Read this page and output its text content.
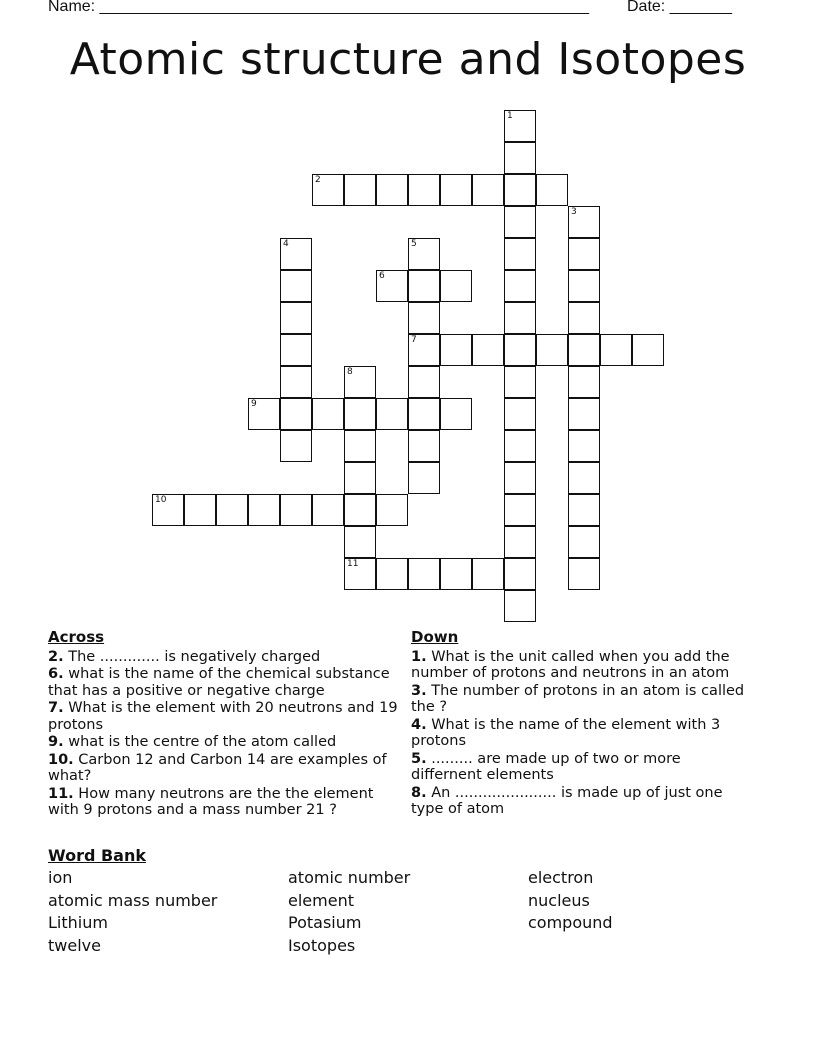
Name: _______________________________________________________ Date: _______
Atomic structure and Isotopes
1
2
3
4	5
7
6
8
11
9
10
Across
2. The ............. is negatively charged
6. what is the name of the chemical substance that has a positive or negative charge
7. What is the element with 20 neutrons and 19 protons
9. what is the centre of the atom called
10. Carbon 12 and Carbon 14 are examples of what?
11. How many neutrons are the the element with 9 protons and a mass number 21 ?
Down
1. What is the unit called when you add the number of protons and neutrons in an atom
3. The number of protons in an atom is called the ?
4. What is the name of the element with 3 protons
5. ......... are made up of two or more differnent elements
8. An ...................... is made up of just one type of atom
Word Bank
ion	atomic number	electron
atomic mass number	element	nucleus
Lithium	Potasium	compound
twelve	Isotopes
